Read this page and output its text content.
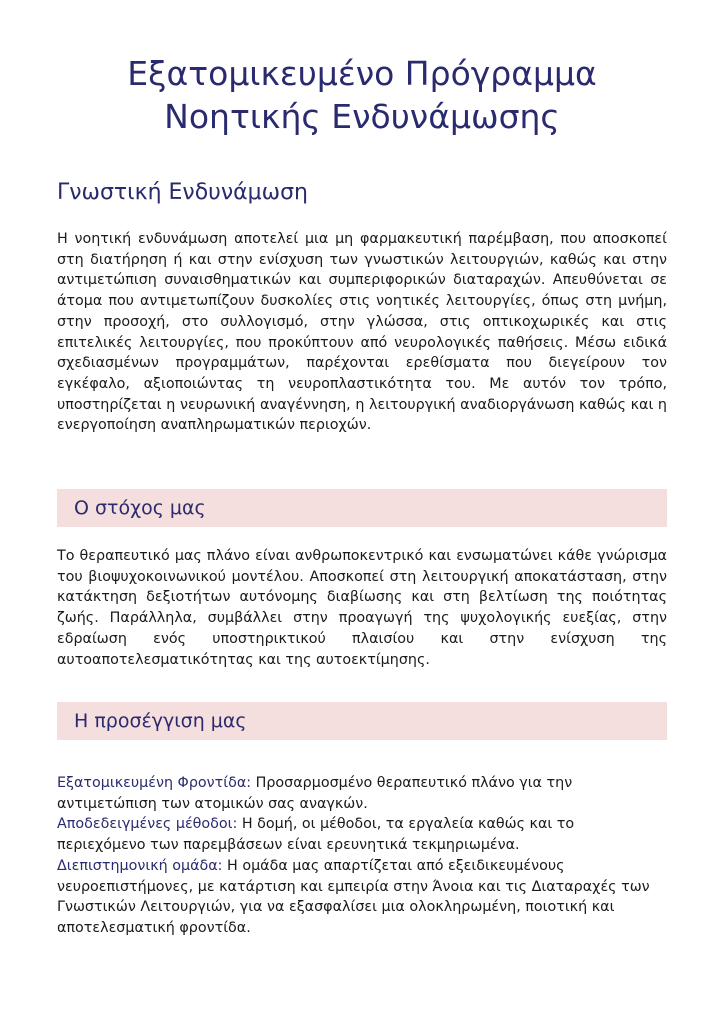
Εξατομικευμένο Πρόγραμμα
Νοητικής Ενδυνάμωσης
Γνωστική Ενδυνάμωση

Η νοητική ενδυνάμωση αποτελεί μια μη φαρμακευτική παρέμβαση, που αποσκοπεί στη διατήρηση ή και στην ενίσχυση των γνωστικών λειτουργιών, καθώς και στην αντιμετώπιση συναισθηματικών και συμπεριφορικών διαταραχών. Απευθύνεται σε άτομα που αντιμετωπίζουν δυσκολίες στις νοητικές λειτουργίες, όπως στη μνήμη, στην προσοχή, στο συλλογισμό, στην γλώσσα, στις οπτικοχωρικές και στις επιτελικές λειτουργίες, που προκύπτουν από νευρολογικές παθήσεις. Μέσω ειδικά σχεδιασμένων προγραμμάτων, παρέχονται ερεθίσματα που διεγείρουν τον εγκέφαλο, αξιοποιώντας τη νευροπλαστικότητα του. Με αυτόν τον τρόπο, υποστηρίζεται η νευρωνική αναγέννηση, η λειτουργική αναδιοργάνωση καθώς και η ενεργοποίηση αναπληρωματικών περιοχών.

Ο στόχος μας

Το θεραπευτικό μας πλάνο είναι ανθρωποκεντρικό και ενσωματώνει κάθε γνώρισμα του βιοψυχοκοινωνικού μοντέλου. Αποσκοπεί στη λειτουργική αποκατάσταση, στην κατάκτηση δεξιοτήτων αυτόνομης διαβίωσης και στη βελτίωση της ποιότητας ζωής. Παράλληλα, συμβάλλει στην προαγωγή της ψυχολογικής ευεξίας, στην εδραίωση ενός υποστηρικτικού πλαισίου και στην ενίσχυση της αυτοαποτελεσματικότητας και της αυτοεκτίμησης.

Η προσέγγιση μας

Εξατομικευμένη Φροντίδα: Προσαρμοσμένο θεραπευτικό πλάνο για την αντιμετώπιση των ατομικών σας αναγκών.

Αποδεδειγμένες μέθοδοι: Η δομή, οι μέθοδοι, τα εργαλεία καθώς και το περιεχόμενο των παρεμβάσεων είναι ερευνητικά τεκμηριωμένα.

Διεπιστημονική ομάδα: Η ομάδα μας απαρτίζεται από εξειδικευμένους νευροεπιστήμονες, με κατάρτιση και εμπειρία στην Άνοια και τις Διαταραχές των Γνωστικών Λειτουργιών, για να εξασφαλίσει μια ολοκληρωμένη, ποιοτική και αποτελεσματική φροντίδα.
